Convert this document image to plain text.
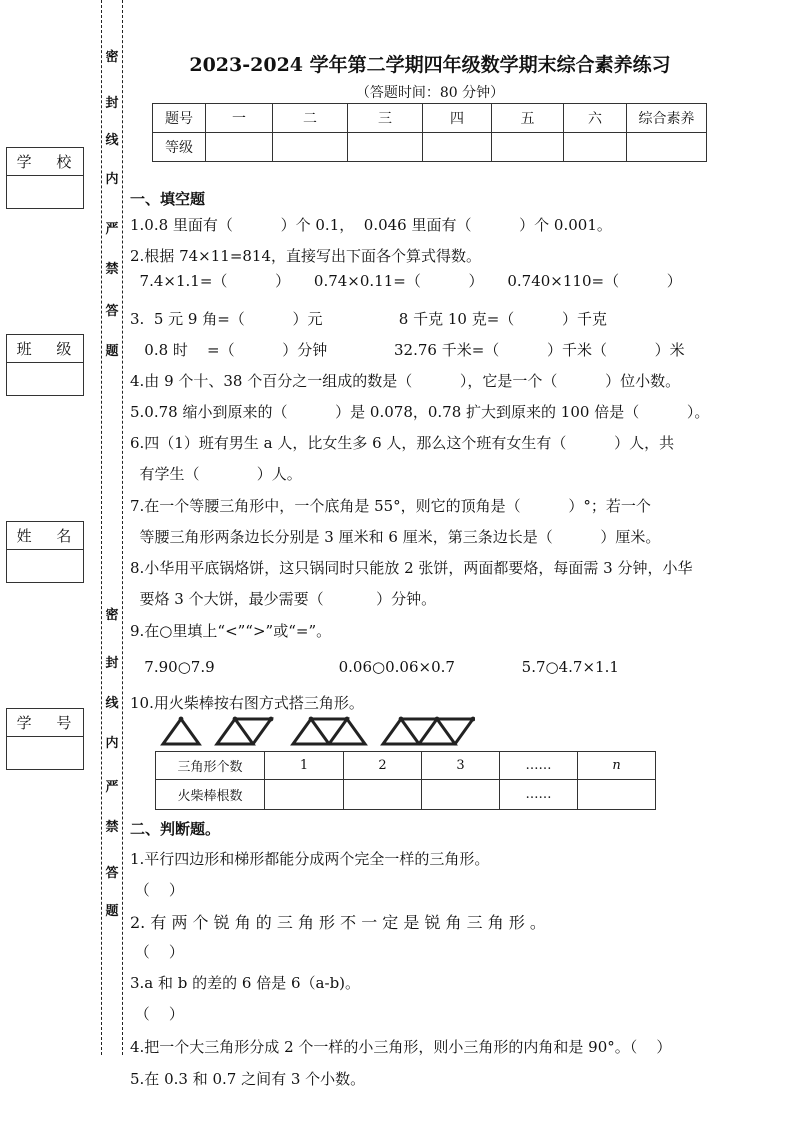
密
封
线
内
严
禁
答
题
密
封
线
内
严
禁
答
题
学 校
班 级
姓 名
学 号
2023-2024 学年第二学期四年级数学期末综合素养练习
（答题时间：80 分钟）
题号	一	二	三	四	五	六	综合素养
等级							
一、填空题
1.0.8 里面有（          ）个 0.1，  0.046 里面有（          ）个 0.001。
2.根据 74×11=814，直接写出下面各个算式得数。
7.4×1.1=（          ）     0.74×0.11=（          ）     0.740×110=（          ）
3.  5 元 9 角=（          ）元                8 千克 10 克=（          ）千克
0.8 时    =（          ）分钟              32.76 千米=（          ）千米（          ）米
4.由 9 个十、38 个百分之一组成的数是（          ），它是一个（          ）位小数。
5.0.78 缩小到原来的（          ）是 0.078，0.78 扩大到原来的 100 倍是（          ）。
6.四（1）班有男生 a 人，比女生多 6 人，那么这个班有女生有（          ）人，共
有学生（            ）人。
7.在一个等腰三角形中，一个底角是 55°，则它的顶角是（          ）°；若一个
等腰三角形两条边长分别是 3 厘米和 6 厘米，第三条边长是（          ）厘米。
8.小华用平底锅烙饼，这只锅同时只能放 2 张饼，两面都要烙，每面需 3 分钟，小华
要烙 3 个大饼，最少需要（           ）分钟。
9.在○里填上“<”“>”或“=”。
7.90○7.9                          0.06○0.06×0.7              5.7○4.7×1.1
10.用火柴棒按右图方式搭三角形。
三角形个数	1	2	3	……	n
火柴棒根数				……	
二、判断题。
1.平行四边形和梯形都能分成两个完全一样的三角形。
（    ）
2. 有 两 个 锐 角 的 三 角 形 不 一 定 是 锐 角 三 角 形 。
（    ）
3.a 和 b 的差的 6 倍是 6（a-b)。
（    ）
4.把一个大三角形分成 2 个一样的小三角形，则小三角形的内角和是 90°。（    ）
5.在 0.3 和 0.7 之间有 3 个小数。
